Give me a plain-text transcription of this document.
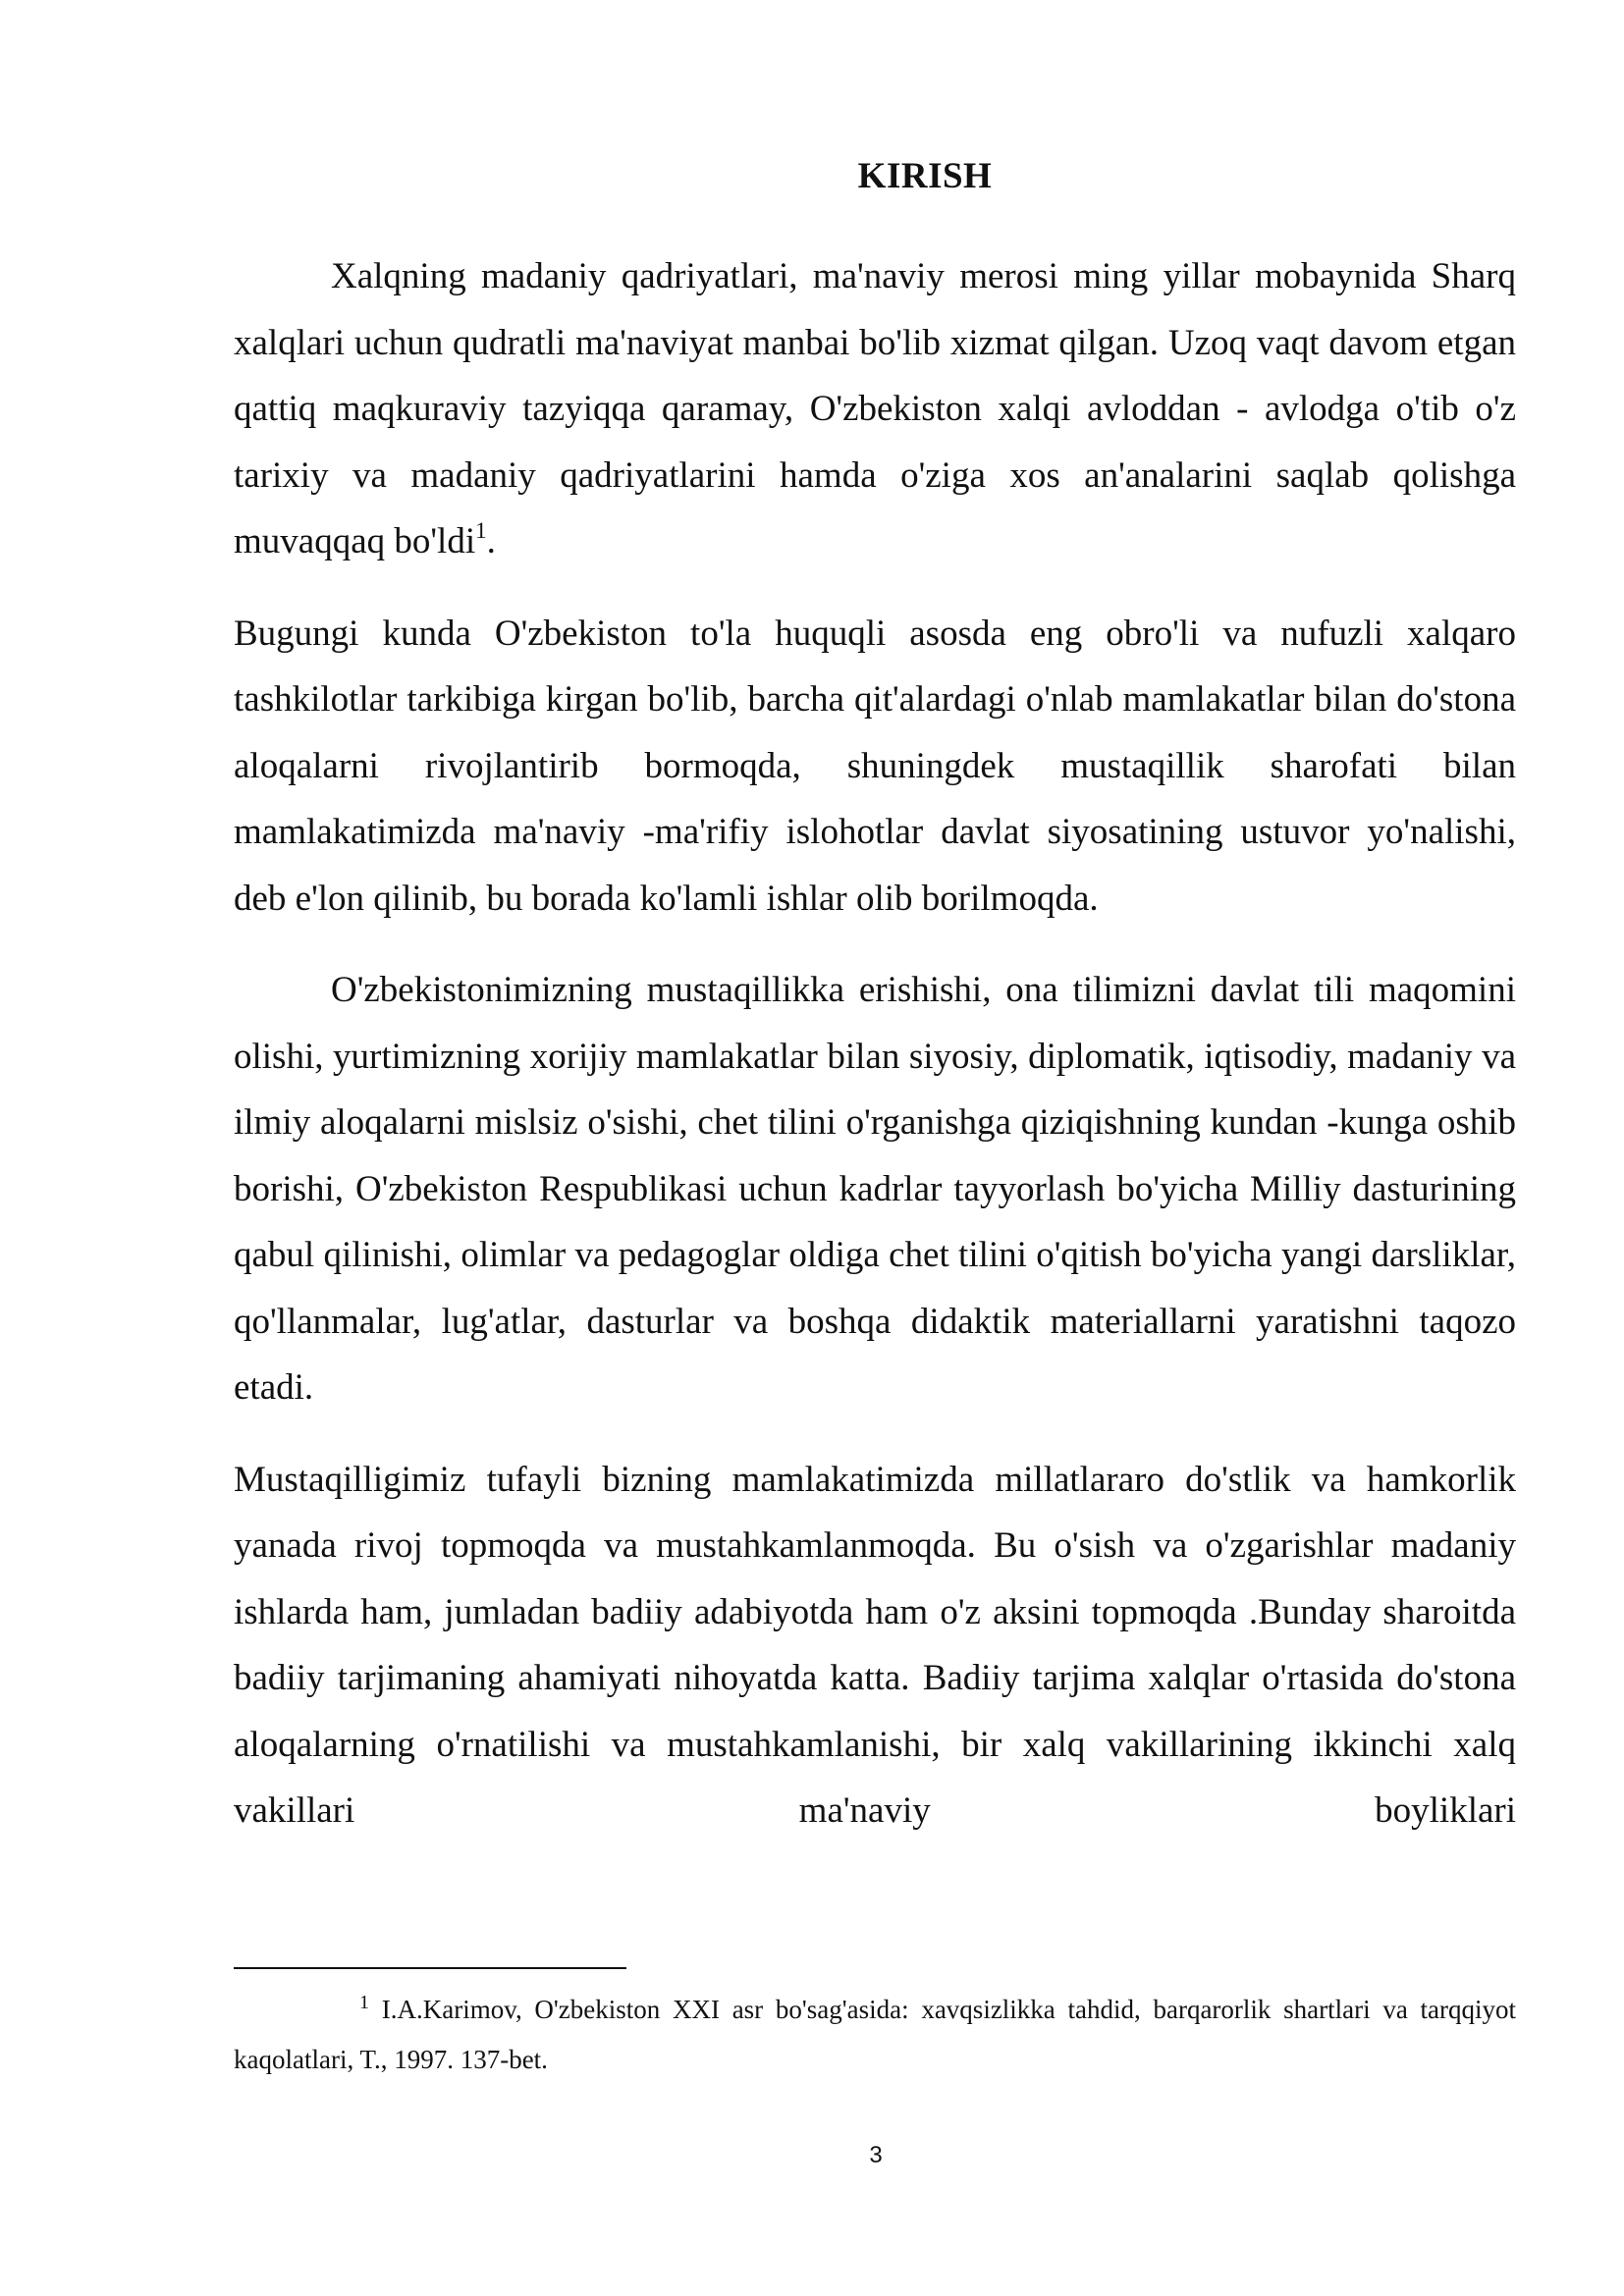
KIRISH

Xalqning madaniy qadriyatlari, ma'naviy merosi ming yillar mobaynida Sharq xalqlari uchun qudratli ma'naviyat manbai bo'lib xizmat qilgan. Uzoq vaqt davom etgan qattiq maqkuraviy tazyiqqa qaramay, O'zbekiston xalqi avloddan - avlodga o'tib o'z tarixiy va madaniy qadriyatlarini hamda o'ziga xos an'analarini saqlab qolishga muvaqqaq bo'ldi$^1$.

Bugungi kunda O'zbekiston to'la huquqli asosda eng obro'li va nufuzli xalqaro tashkilotlar tarkibiga kirgan bo'lib, barcha qit'alardagi o'nlab mamlakatlar bilan do'stona aloqalarni rivojlantirib bormoqda, shuningdek mustaqillik sharofati bilan mamlakatimizda ma'naviy -ma'rifiy islohotlar davlat siyosatining ustuvor yo'nalishi, deb e'lon qilinib, bu borada ko'lamli ishlar olib borilmoqda.

O'zbekistonimizning mustaqillikka erishishi, ona tilimizni davlat tili maqomini olishi, yurtimizning xorijiy mamlakatlar bilan siyosiy, diplomatik, iqtisodiy, madaniy va ilmiy aloqalarni mislsiz o'sishi, chet tilini o'rganishga qiziqishning kundan -kunga oshib borishi, O'zbekiston Respublikasi uchun kadrlar tayyorlash bo'yicha Milliy dasturining qabul qilinishi, olimlar va pedagoglar oldiga chet tilini o'qitish bo'yicha yangi darsliklar, qo'llanmalar, lug'atlar, dasturlar va boshqa didaktik materiallarni yaratishni taqozo etadi.

Mustaqilligimiz tufayli bizning mamlakatimizda millatlararo do'stlik va hamkorlik yanada rivoj topmoqda va mustahkamlanmoqda. Bu o'sish va o'zgarishlar madaniy ishlarda ham, jumladan badiiy adabiyotda ham o'z aksini topmoqda .Bunday sharoitda badiiy tarjimaning ahamiyati nihoyatda katta. Badiiy tarjima xalqlar o'rtasida do'stona aloqalarning o'rnatilishi va mustahkamlanishi, bir xalq vakillarining ikkinchi xalq vakillari ma'naviy boyliklari

$^1$ I.A.Karimov, O'zbekiston XXI asr bo'sag'asida: xavqsizlikka tahdid, barqarorlik shartlari va tarqqiyot kaqolatlari, T., 1997. 137-bet.
3
